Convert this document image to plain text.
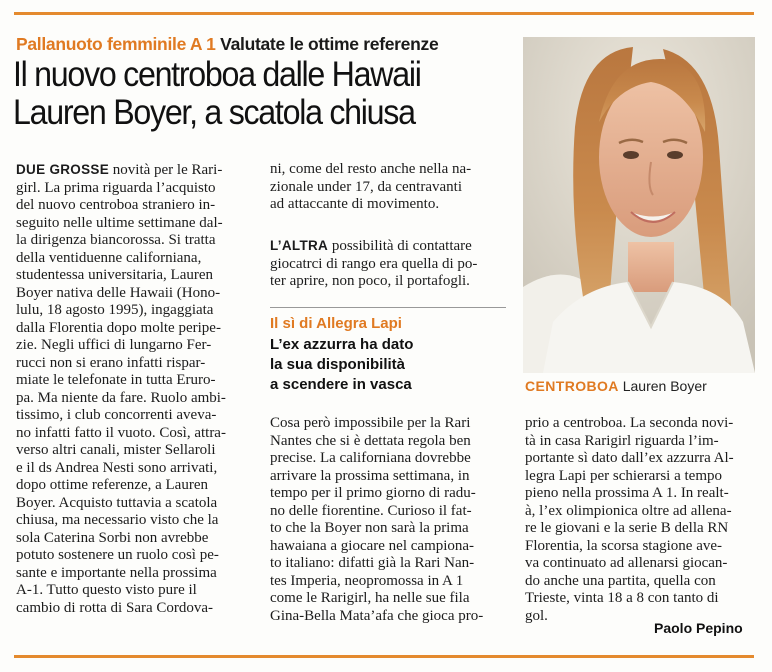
Pallanuoto femminile A 1 Valutate le ottime referenze
Il nuovo centroboa dalle Hawaii
Lauren Boyer, a scatola chiusa
DUE GROSSE novità per le Rari-
girl. La prima riguarda l’acquisto
del nuovo centroboa straniero in-
seguito nelle ultime settimane dal-
la dirigenza biancorossa. Si tratta
della ventiduenne californiana,
studentessa universitaria, Lauren
Boyer nativa delle Hawaii (Hono-
lulu, 18 agosto 1995), ingaggiata
dalla Florentia dopo molte peripe-
zie. Negli uffici di lungarno Fer-
rucci non si erano infatti rispar-
miate le telefonate in tutta Erurо-
pa. Ma niente da fare. Ruolo ambi-
tissimo, i club concorrenti aveva-
no infatti fatto il vuoto. Così, attra-
verso altri canali, mister Sellaroli
e il ds Andrea Nesti sono arrivati,
dopo ottime referenze, a Lauren
Boyer. Acquisto tuttavia a scatola
chiusa, ma necessario visto che la
sola Caterina Sorbi non avrebbe
potuto sostenere un ruolo così pe-
sante e importante nella prossima
A-1. Tutto questo visto pure il
cambio di rotta di Sara Cordova-
ni, come del resto anche nella na-
zionale under 17, da centravanti
ad attaccante di movimento.
L’ALTRA possibilità di contattare
giocatrci di rango era quella di po-
ter aprire, non poco, il portafogli.
Il sì di Allegra Lapi
L’ex azzurra ha dato
la sua disponibilità
a scendere in vasca
Cosa però impossibile per la Rari
Nantes che si è dettata regola ben
precise. La californiana dovrebbe
arrivare la prossima settimana, in
tempo per il primo giorno di radu-
no delle fiorentine. Curioso il fat-
to che la Boyer non sarà la prima
hawaiana a giocare nel campiona-
to italiano: difatti già la Rari Nan-
tes Imperia, neopromossa in A 1
come le Rarigirl, ha nelle sue fila
Gina-Bella Mata’afa che gioca pro-
CENTROBOA Lauren Boyer
prio a centroboa. La seconda novi-
tà in casa Rarigirl riguarda l’im-
portante sì dato dall’ex azzurra Al-
legra Lapi per schierarsi a tempo
pieno nella prossima A 1. In realt-
à, l’ex olimpionica oltre ad allena-
re le giovani e la serie B della RN
Florentia, la scorsa stagione ave-
va continuato ad allenarsi giocan-
do anche una partita, quella con
Trieste, vinta 18 a 8 con tanto di
gol.
Paolo Pepino
